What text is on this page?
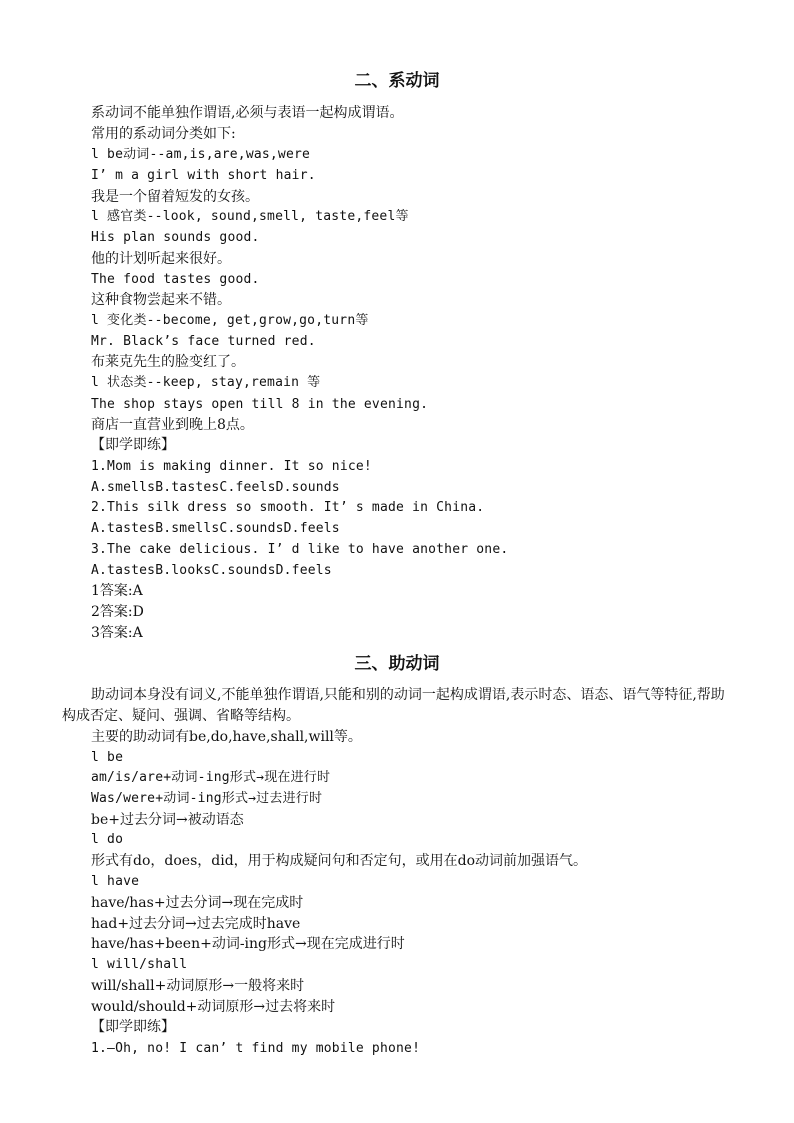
二、系动词
系动词不能单独作谓语,必须与表语一起构成谓语。
常用的系动词分类如下:
l be动词--am,is,are,was,were
I’ m a girl with short hair.
我是一个留着短发的女孩。
l 感官类--look, sound,smell, taste,feel等
His plan sounds good.
他的计划听起来很好。
The food tastes good.
这种食物尝起来不错。
l 变化类--become, get,grow,go,turn等
Mr. Black’s face turned red.
布莱克先生的脸变红了。
l 状态类--keep, stay,remain 等
The shop stays open till 8 in the evening.
商店一直营业到晚上8点。
【即学即练】
1.Mom is making dinner. It so nice!
A.smellsB.tastesC.feelsD.sounds
2.This silk dress so smooth. It’ s made in China.
A.tastesB.smellsC.soundsD.feels
3.The cake delicious. I’ d like to have another one.
A.tastesB.looksC.soundsD.feels
1答案:A
2答案:D
3答案:A
三、助动词
助动词本身没有词义,不能单独作谓语,只能和别的动词一起构成谓语,表示时态、语态、语气等特征,帮助构成否定、疑问、强调、省略等结构。
主要的助动词有be,do,have,shall,will等。
l be
am/is/are+动词-ing形式→现在进行时
Was/were+动词-ing形式→过去进行时
be+过去分词→被动语态
l do
形式有do，does，did，用于构成疑问句和否定句，或用在do动词前加强语气。
l have
have/has+过去分词→现在完成时
had+过去分词→过去完成时have
have/has+been+动词-ing形式→现在完成进行时
l will/shall
will/shall+动词原形→一般将来时
would/should+动词原形→过去将来时
【即学即练】
1.—Oh, no! I can’ t find my mobile phone!
